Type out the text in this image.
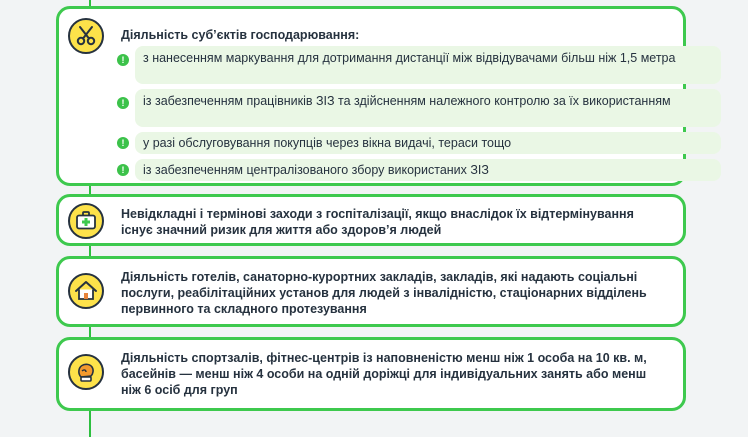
Діяльність суб’єктів господарювання:
!	з нанесенням маркування для дотримання дистанції між відвідувачами більш ніж 1,5 метра
!	із забезпеченням працівників ЗІЗ та здійсненням належного контролю за їх використанням
!	у разі обслуговування покупців через вікна видачі, тераси тощо
!	із забезпеченням централізованого збору використаних ЗІЗ
Невідкладні і термінові заходи з госпіталізації, якщо внаслідок їх відтермінування існує значний ризик для життя або здоров’я людей
Діяльність готелів, санаторно-курортних закладів, закладів, які надають соціальні послуги, реабілітаційних установ для людей з інвалідністю, стаціонарних відділень первинного та складного протезування
Діяльність спортзалів, фітнес-центрів із наповненістю менш ніж 1 особа на 10 кв. м, басейнів — менш ніж 4 особи на одній доріжці для індивідуальних занять або менш ніж 6 осіб для груп
